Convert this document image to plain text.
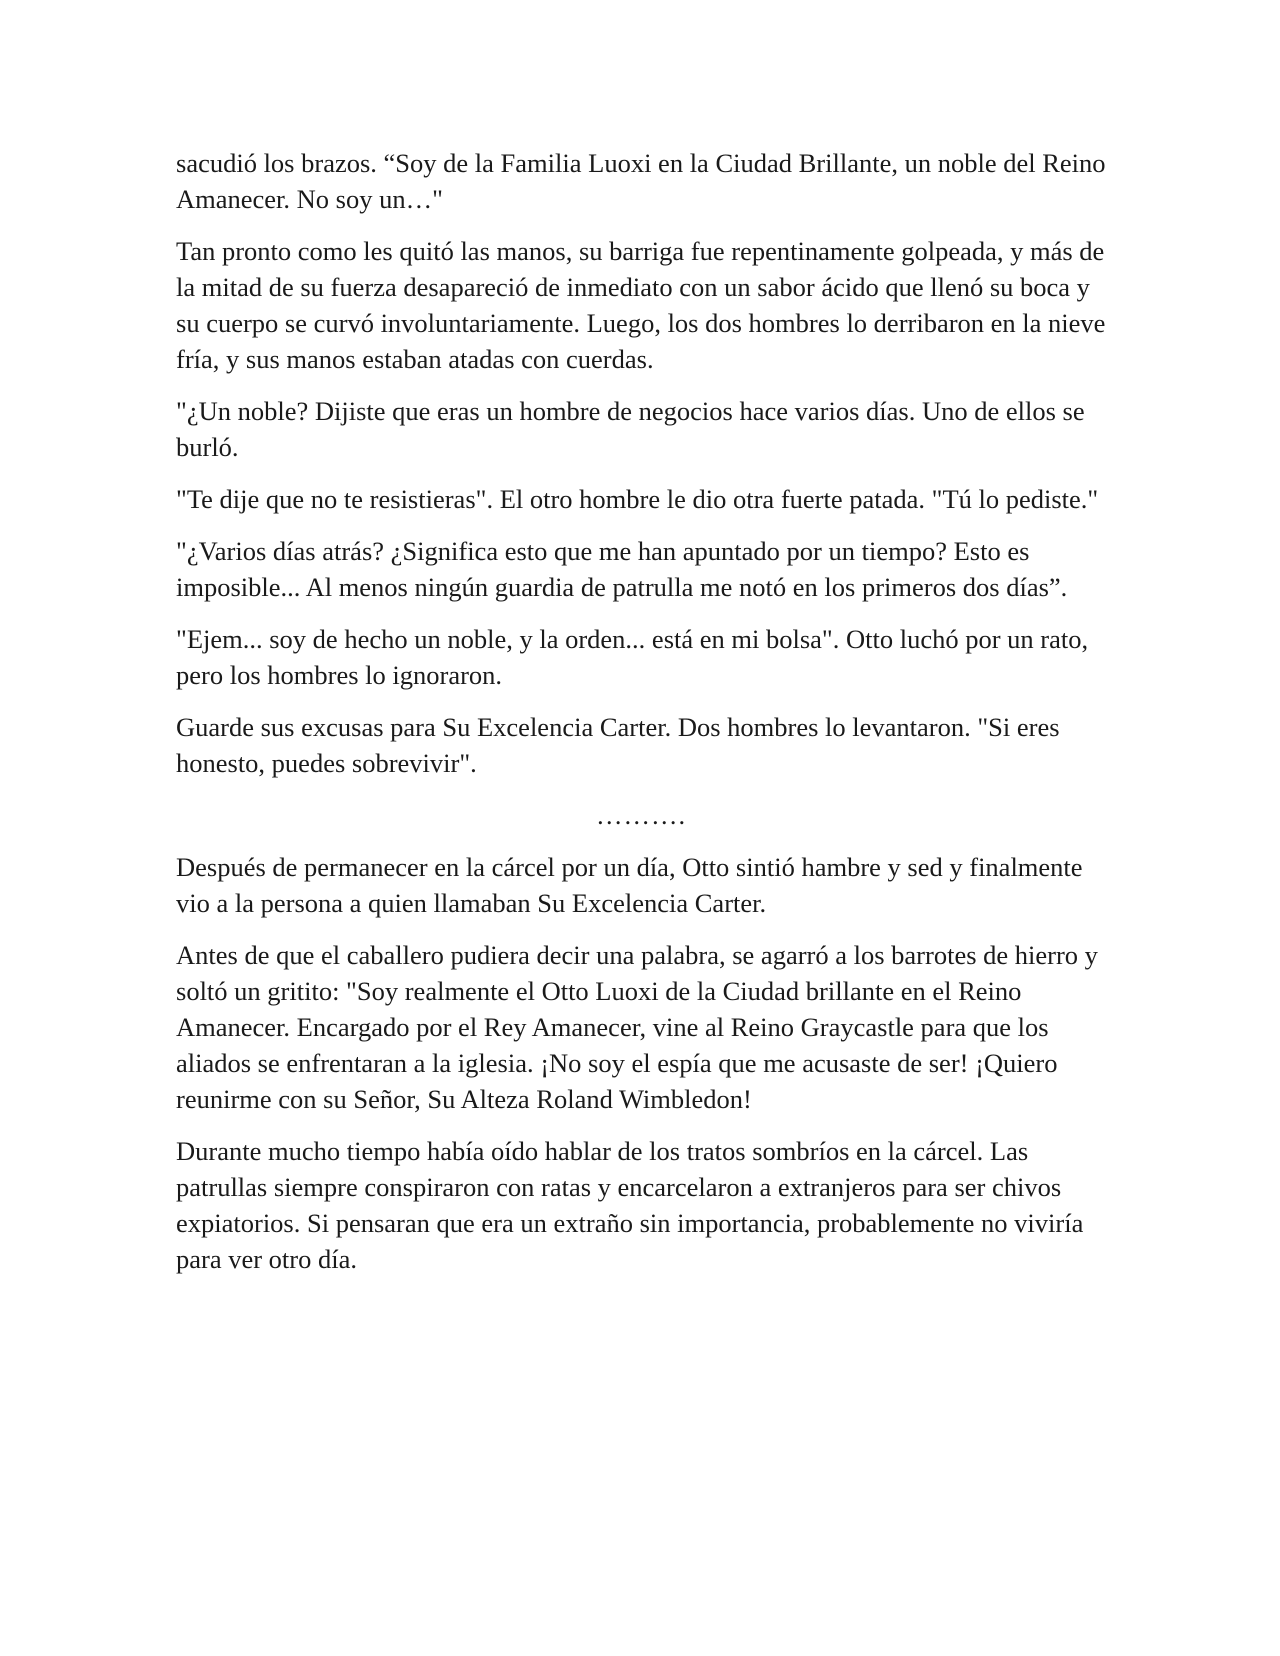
sacudió los brazos. “Soy de la Familia Luoxi en la Ciudad Brillante, un noble del Reino Amanecer. No soy un…"

Tan pronto como les quitó las manos, su barriga fue repentinamente golpeada, y más de la mitad de su fuerza desapareció de inmediato con un sabor ácido que llenó su boca y su cuerpo se curvó involuntariamente. Luego, los dos hombres lo derribaron en la nieve fría, y sus manos estaban atadas con cuerdas.

"¿Un noble? Dijiste que eras un hombre de negocios hace varios días. Uno de ellos se burló.

"Te dije que no te resistieras". El otro hombre le dio otra fuerte patada. "Tú lo pediste."

"¿Varios días atrás? ¿Significa esto que me han apuntado por un tiempo? Esto es imposible... Al menos ningún guardia de patrulla me notó en los primeros dos días”.

"Ejem... soy de hecho un noble, y la orden... está en mi bolsa". Otto luchó por un rato, pero los hombres lo ignoraron.

Guarde sus excusas para Su Excelencia Carter. Dos hombres lo levantaron. "Si eres honesto, puedes sobrevivir".

……….

Después de permanecer en la cárcel por un día, Otto sintió hambre y sed y finalmente vio a la persona a quien llamaban Su Excelencia Carter.

Antes de que el caballero pudiera decir una palabra, se agarró a los barrotes de hierro y soltó un gritito: "Soy realmente el Otto Luoxi de la Ciudad brillante en el Reino Amanecer. Encargado por el Rey Amanecer, vine al Reino Graycastle para que los aliados se enfrentaran a la iglesia. ¡No soy el espía que me acusaste de ser! ¡Quiero reunirme con su Señor, Su Alteza Roland Wimbledon!

Durante mucho tiempo había oído hablar de los tratos sombríos en la cárcel. Las patrullas siempre conspiraron con ratas y encarcelaron a extranjeros para ser chivos expiatorios. Si pensaran que era un extraño sin importancia, probablemente no viviría para ver otro día.
